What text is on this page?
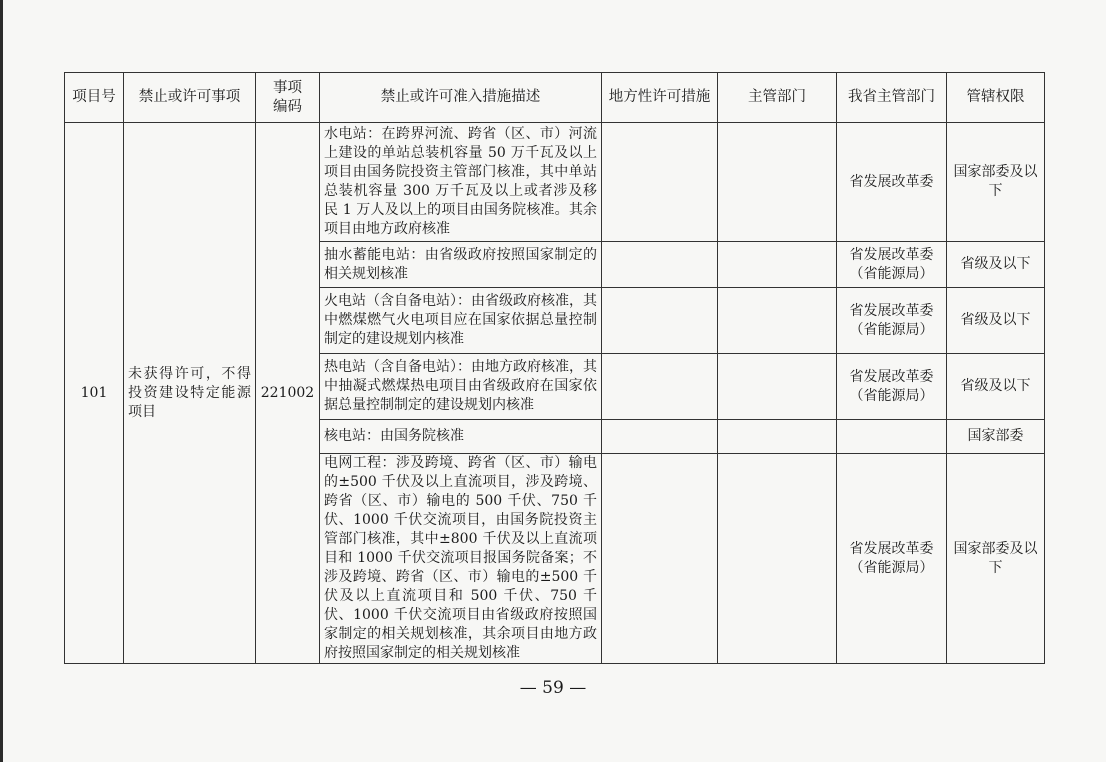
项目号	禁止或许可事项	事项编码	禁止或许可准入措施描述	地方性许可措施	主管部门	我省主管部门	管辖权限
101	未获得许可，不得投资建设特定能源项目	221002	水电站：在跨界河流、跨省（区、市）河流上建设的单站总装机容量 50 万千瓦及以上项目由国务院投资主管部门核准，其中单站总装机容量 300 万千瓦及以上或者涉及移民 1 万人及以上的项目由国务院核准。其余项目由地方政府核准			省发展改革委	国家部委及以下
			抽水蓄能电站：由省级政府按照国家制定的相关规划核准			省发展改革委（省能源局）	省级及以下
			火电站（含自备电站）：由省级政府核准，其中燃煤燃气火电项目应在国家依据总量控制制定的建设规划内核准			省发展改革委（省能源局）	省级及以下
			热电站（含自备电站）：由地方政府核准，其中抽凝式燃煤热电项目由省级政府在国家依据总量控制制定的建设规划内核准			省发展改革委（省能源局）	省级及以下
			核电站：由国务院核准				国家部委
			电网工程：涉及跨境、跨省（区、市）输电的±500 千伏及以上直流项目，涉及跨境、跨省（区、市）输电的 500 千伏、750 千伏、1000 千伏交流项目，由国务院投资主管部门核准，其中±800 千伏及以上直流项目和 1000 千伏交流项目报国务院备案；不涉及跨境、跨省（区、市）输电的±500 千伏及以上直流项目和 500 千伏、750 千伏、1000 千伏交流项目由省级政府按照国家制定的相关规划核准，其余项目由地方政府按照国家制定的相关规划核准			省发展改革委（省能源局）	国家部委及以下
— 59 —
